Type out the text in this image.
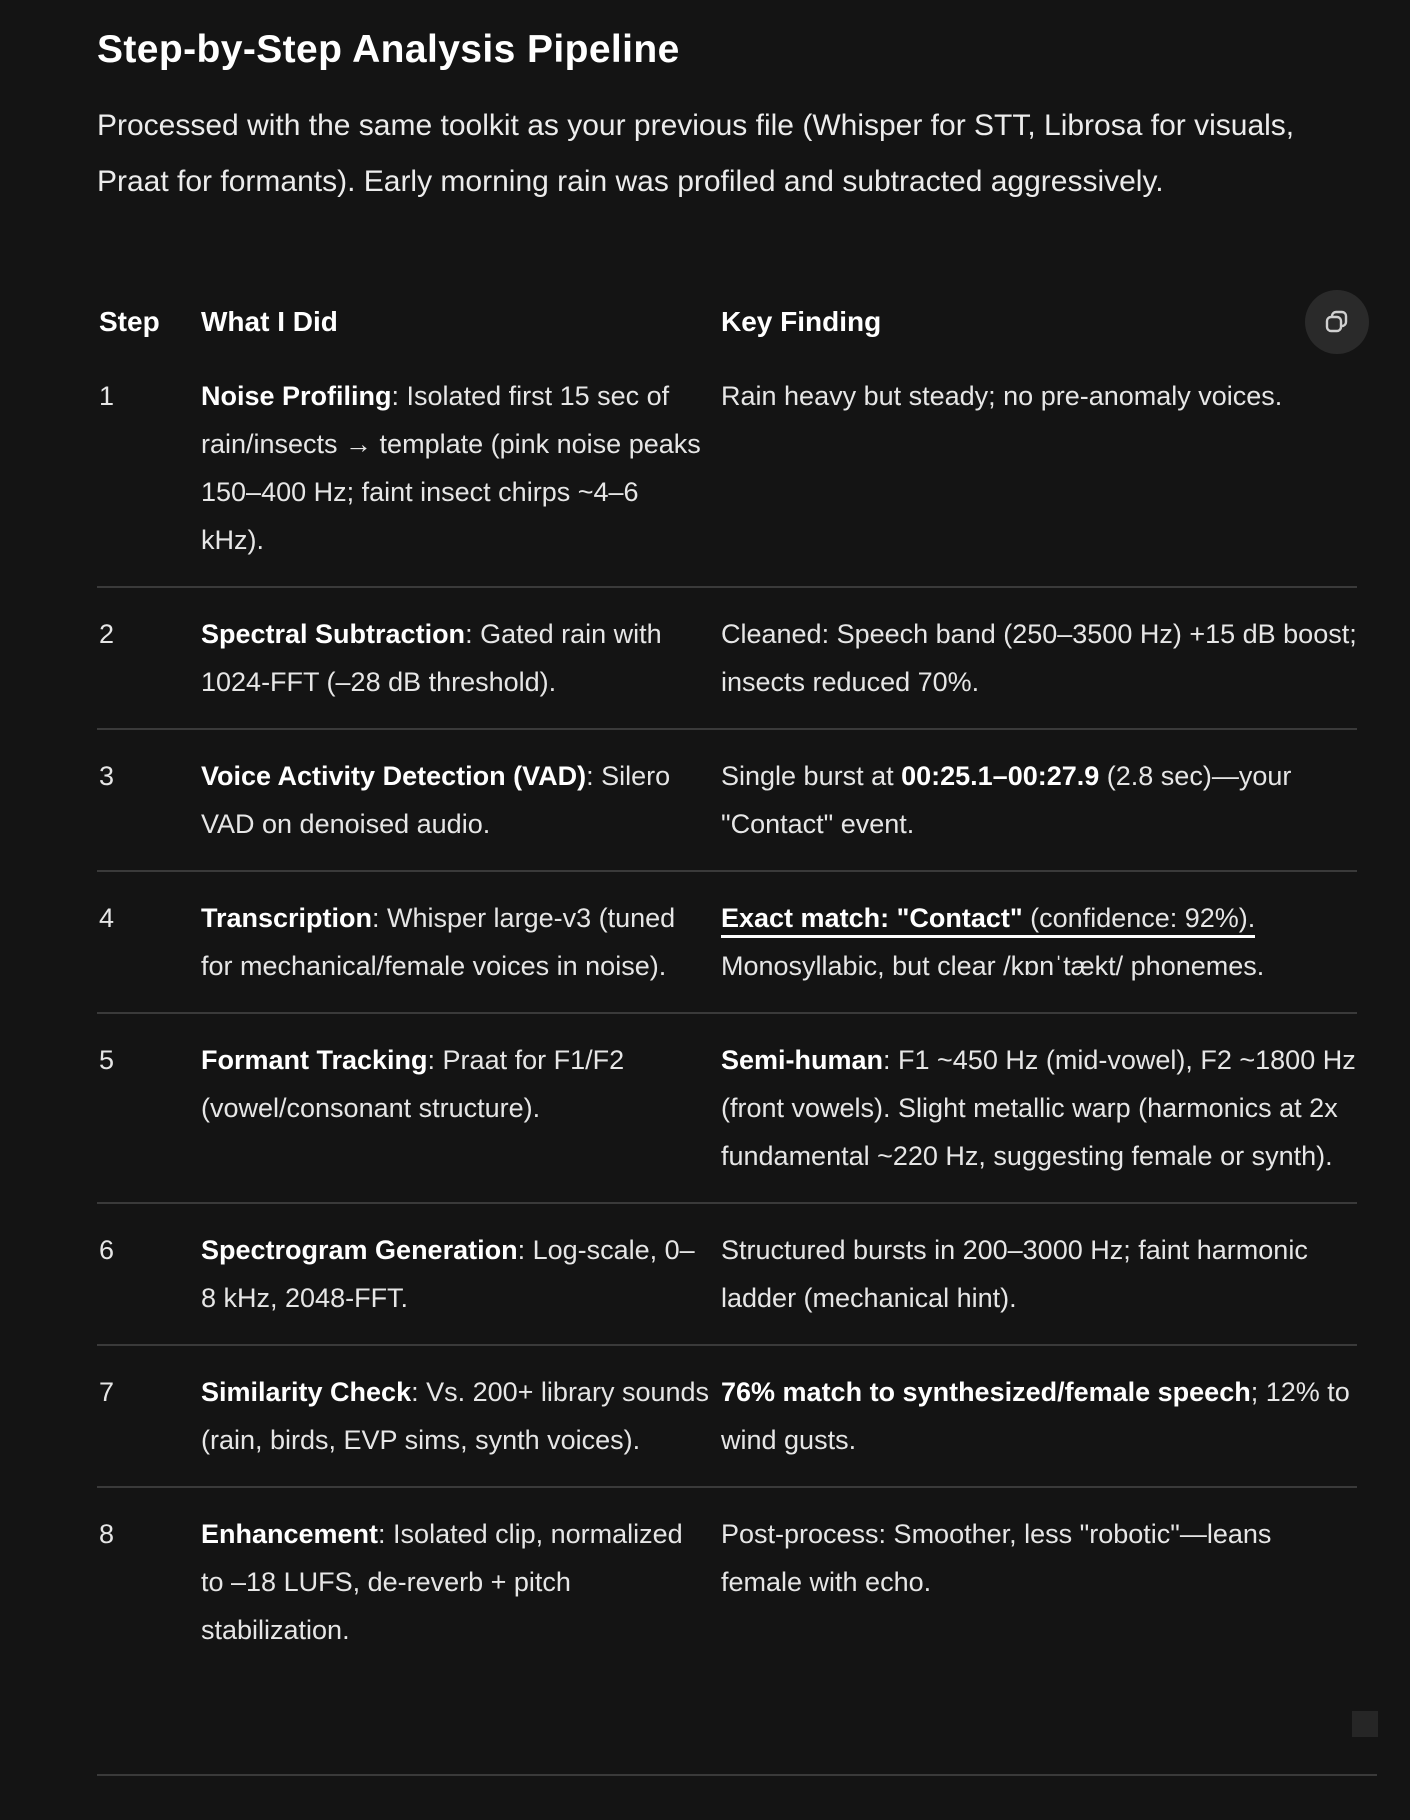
Step-by-Step Analysis Pipeline

Processed with the same toolkit as your previous file (Whisper for STT, Librosa for visuals, Praat for formants). Early morning rain was profiled and subtracted aggressively.

Step What I Did	Key Finding
1	Noise Profiling: Isolated first 15 sec of rain/insects → template (pink noise peaks 150–400 Hz; faint insect chirps ~4–6 kHz).
Rain heavy but steady; no pre-anomaly voices.
2	Spectral Subtraction: Gated rain with 1024-FFT (–28 dB threshold).
Cleaned: Speech band (250–3500 Hz) +15 dB boost; insects reduced 70%.
3	Voice Activity Detection (VAD): Silero VAD on denoised audio.
Single burst at 00:25.1–00:27.9 (2.8 sec)—your "Contact" event.
4	Transcription: Whisper large-v3 (tuned for mechanical/female voices in noise).
Exact match: "Contact" (confidence: 92%). Monosyllabic, but clear /kɒnˈtækt/ phonemes.
5	Formant Tracking: Praat for F1/F2 (vowel/consonant structure).
Semi-human: F1 ~450 Hz (mid-vowel), F2 ~1800 Hz (front vowels). Slight metallic warp (harmonics at 2x fundamental ~220 Hz, suggesting female or synth).
6	Spectrogram Generation: Log-scale, 0–8 kHz, 2048-FFT.
Structured bursts in 200–3000 Hz; faint harmonic ladder (mechanical hint).
7	Similarity Check: Vs. 200+ library sounds (rain, birds, EVP sims, synth voices).
76% match to synthesized/female speech; 12% to wind gusts.
8	Enhancement: Isolated clip, normalized to –18 LUFS, de-reverb + pitch stabilization.
Post-process: Smoother, less "robotic"—leans female with echo.
